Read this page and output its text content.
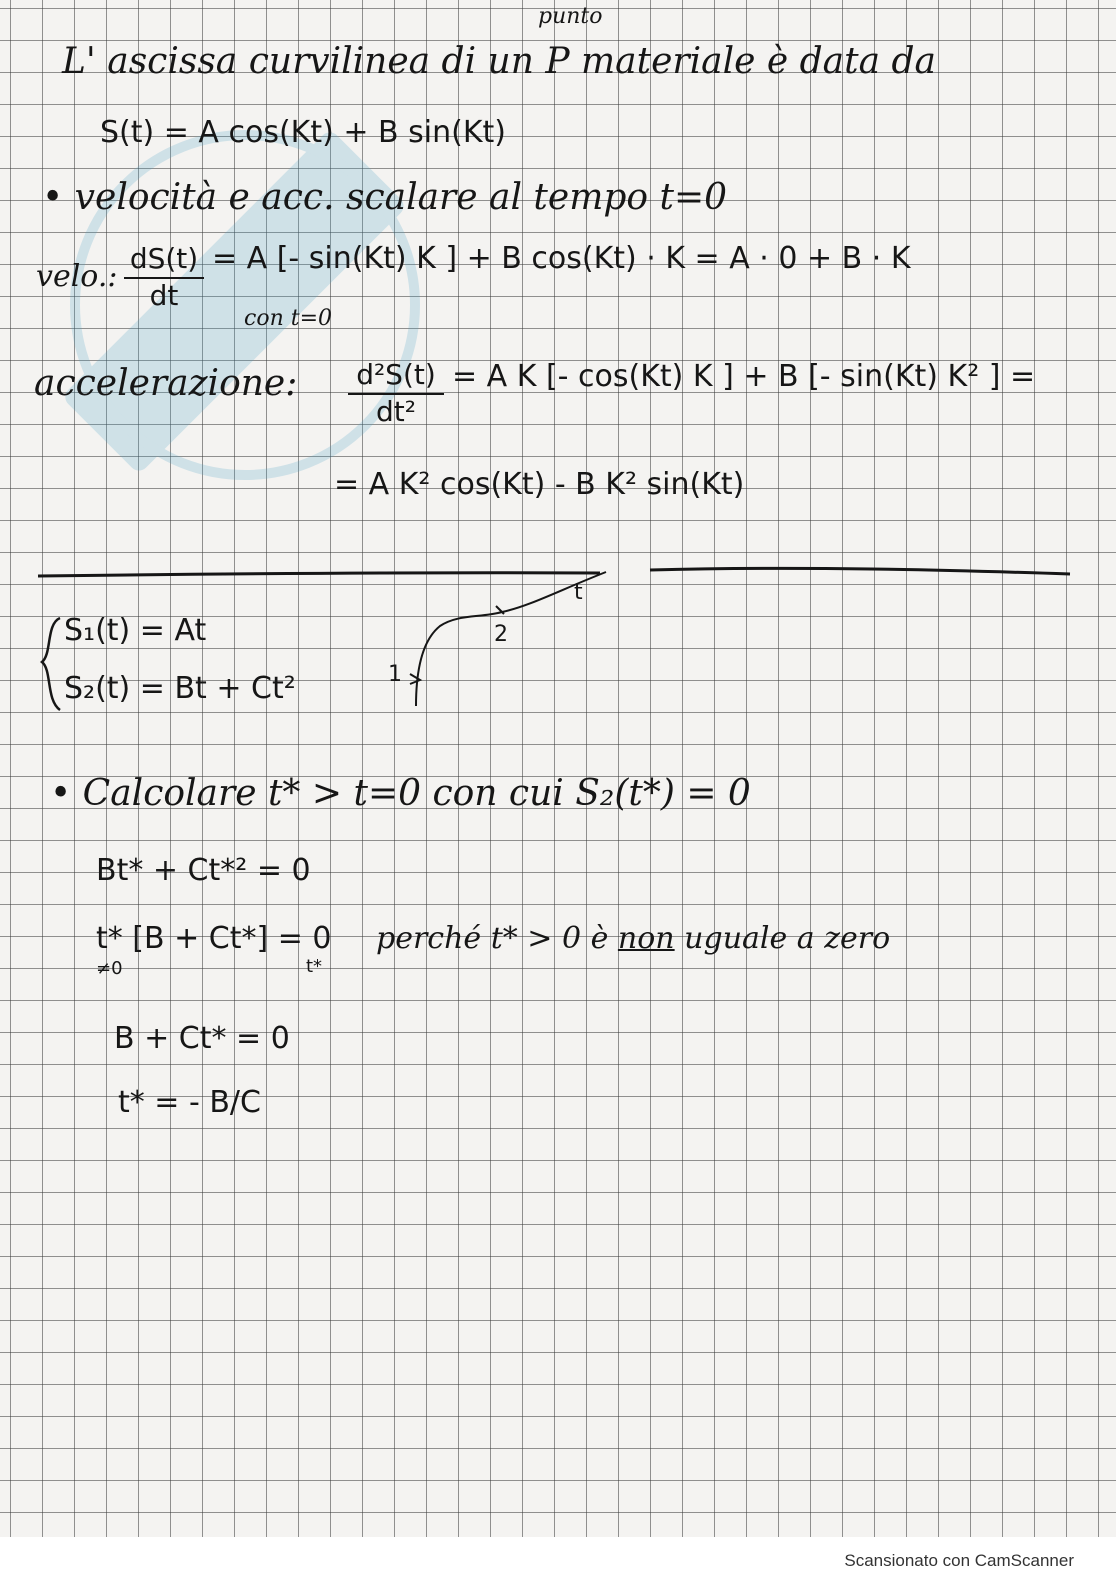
punto
L' ascissa curvilinea di un P materiale è data da
S(t) = A cos(Kt) + B sin(Kt)
• velocità e acc. scalare al tempo t=0
velo.:
dS(t)
dt
= A [- sin(Kt) K ] + B cos(Kt) · K = A · 0 + B · K
con t=0
accelerazione: d²S(t)
dt²
= A K [- cos(Kt) K ] + B [- sin(Kt) K² ] =
= A K² cos(Kt) - B K² sin(Kt)
S₁(t) = At
S₂(t) = Bt + Ct²	1
2
t
• Calcolare t* > t=0 con cui S₂(t*) = 0
Bt* + Ct*² = 0
t* [B + Ct*] = 0
≠0	t*
perché t* > 0 è non uguale a zero
B + Ct* = 0
t* = - B/C
Scansionato con CamScanner
